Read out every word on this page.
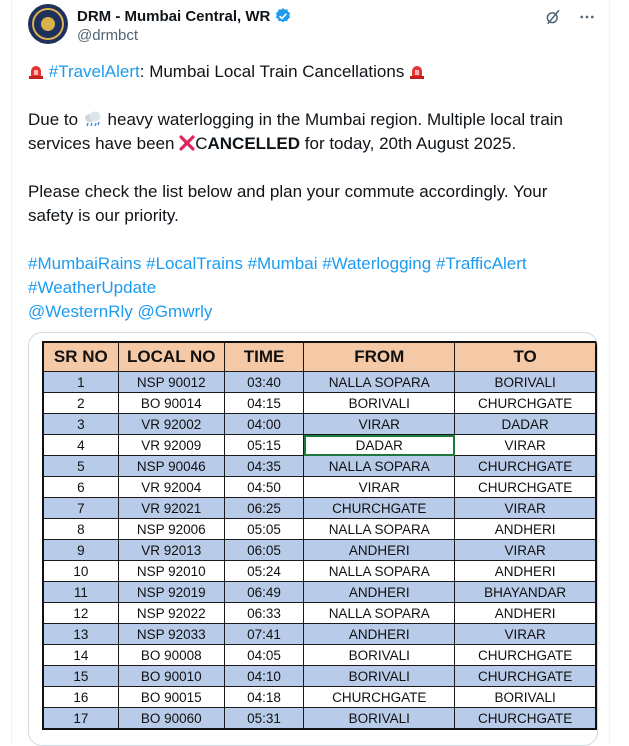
DRM - Mumbai Central, WR
@drmbct
#TravelAlert: Mumbai Local Train Cancellations
Due to  heavy waterlogging in the Mumbai region. Multiple local train services have been CANCELLED for today, 20th August 2025.
Please check the list below and plan your commute accordingly. Your safety is our priority.
#MumbaiRains #LocalTrains #Mumbai #Waterlogging #TrafficAlert #WeatherUpdate
@WesternRly @Gmwrly
SR NO	LOCAL NO	TIME	FROM	TO
1	NSP 90012	03:40	NALLA SOPARA	BORIVALI
2	BO 90014	04:15	BORIVALI	CHURCHGATE
3	VR 92002	04:00	VIRAR	DADAR
4	VR 92009	05:15	DADAR	VIRAR
5	NSP 90046	04:35	NALLA SOPARA	CHURCHGATE
6	VR 92004	04:50	VIRAR	CHURCHGATE
7	VR 92021	06:25	CHURCHGATE	VIRAR
8	NSP 92006	05:05	NALLA SOPARA	ANDHERI
9	VR 92013	06:05	ANDHERI	VIRAR
10	NSP 92010	05:24	NALLA SOPARA	ANDHERI
11	NSP 92019	06:49	ANDHERI	BHAYANDAR
12	NSP 92022	06:33	NALLA SOPARA	ANDHERI
13	NSP 92033	07:41	ANDHERI	VIRAR
14	BO 90008	04:05	BORIVALI	CHURCHGATE
15	BO 90010	04:10	BORIVALI	CHURCHGATE
16	BO 90015	04:18	CHURCHGATE	BORIVALI
17	BO 90060	05:31	BORIVALI	CHURCHGATE
